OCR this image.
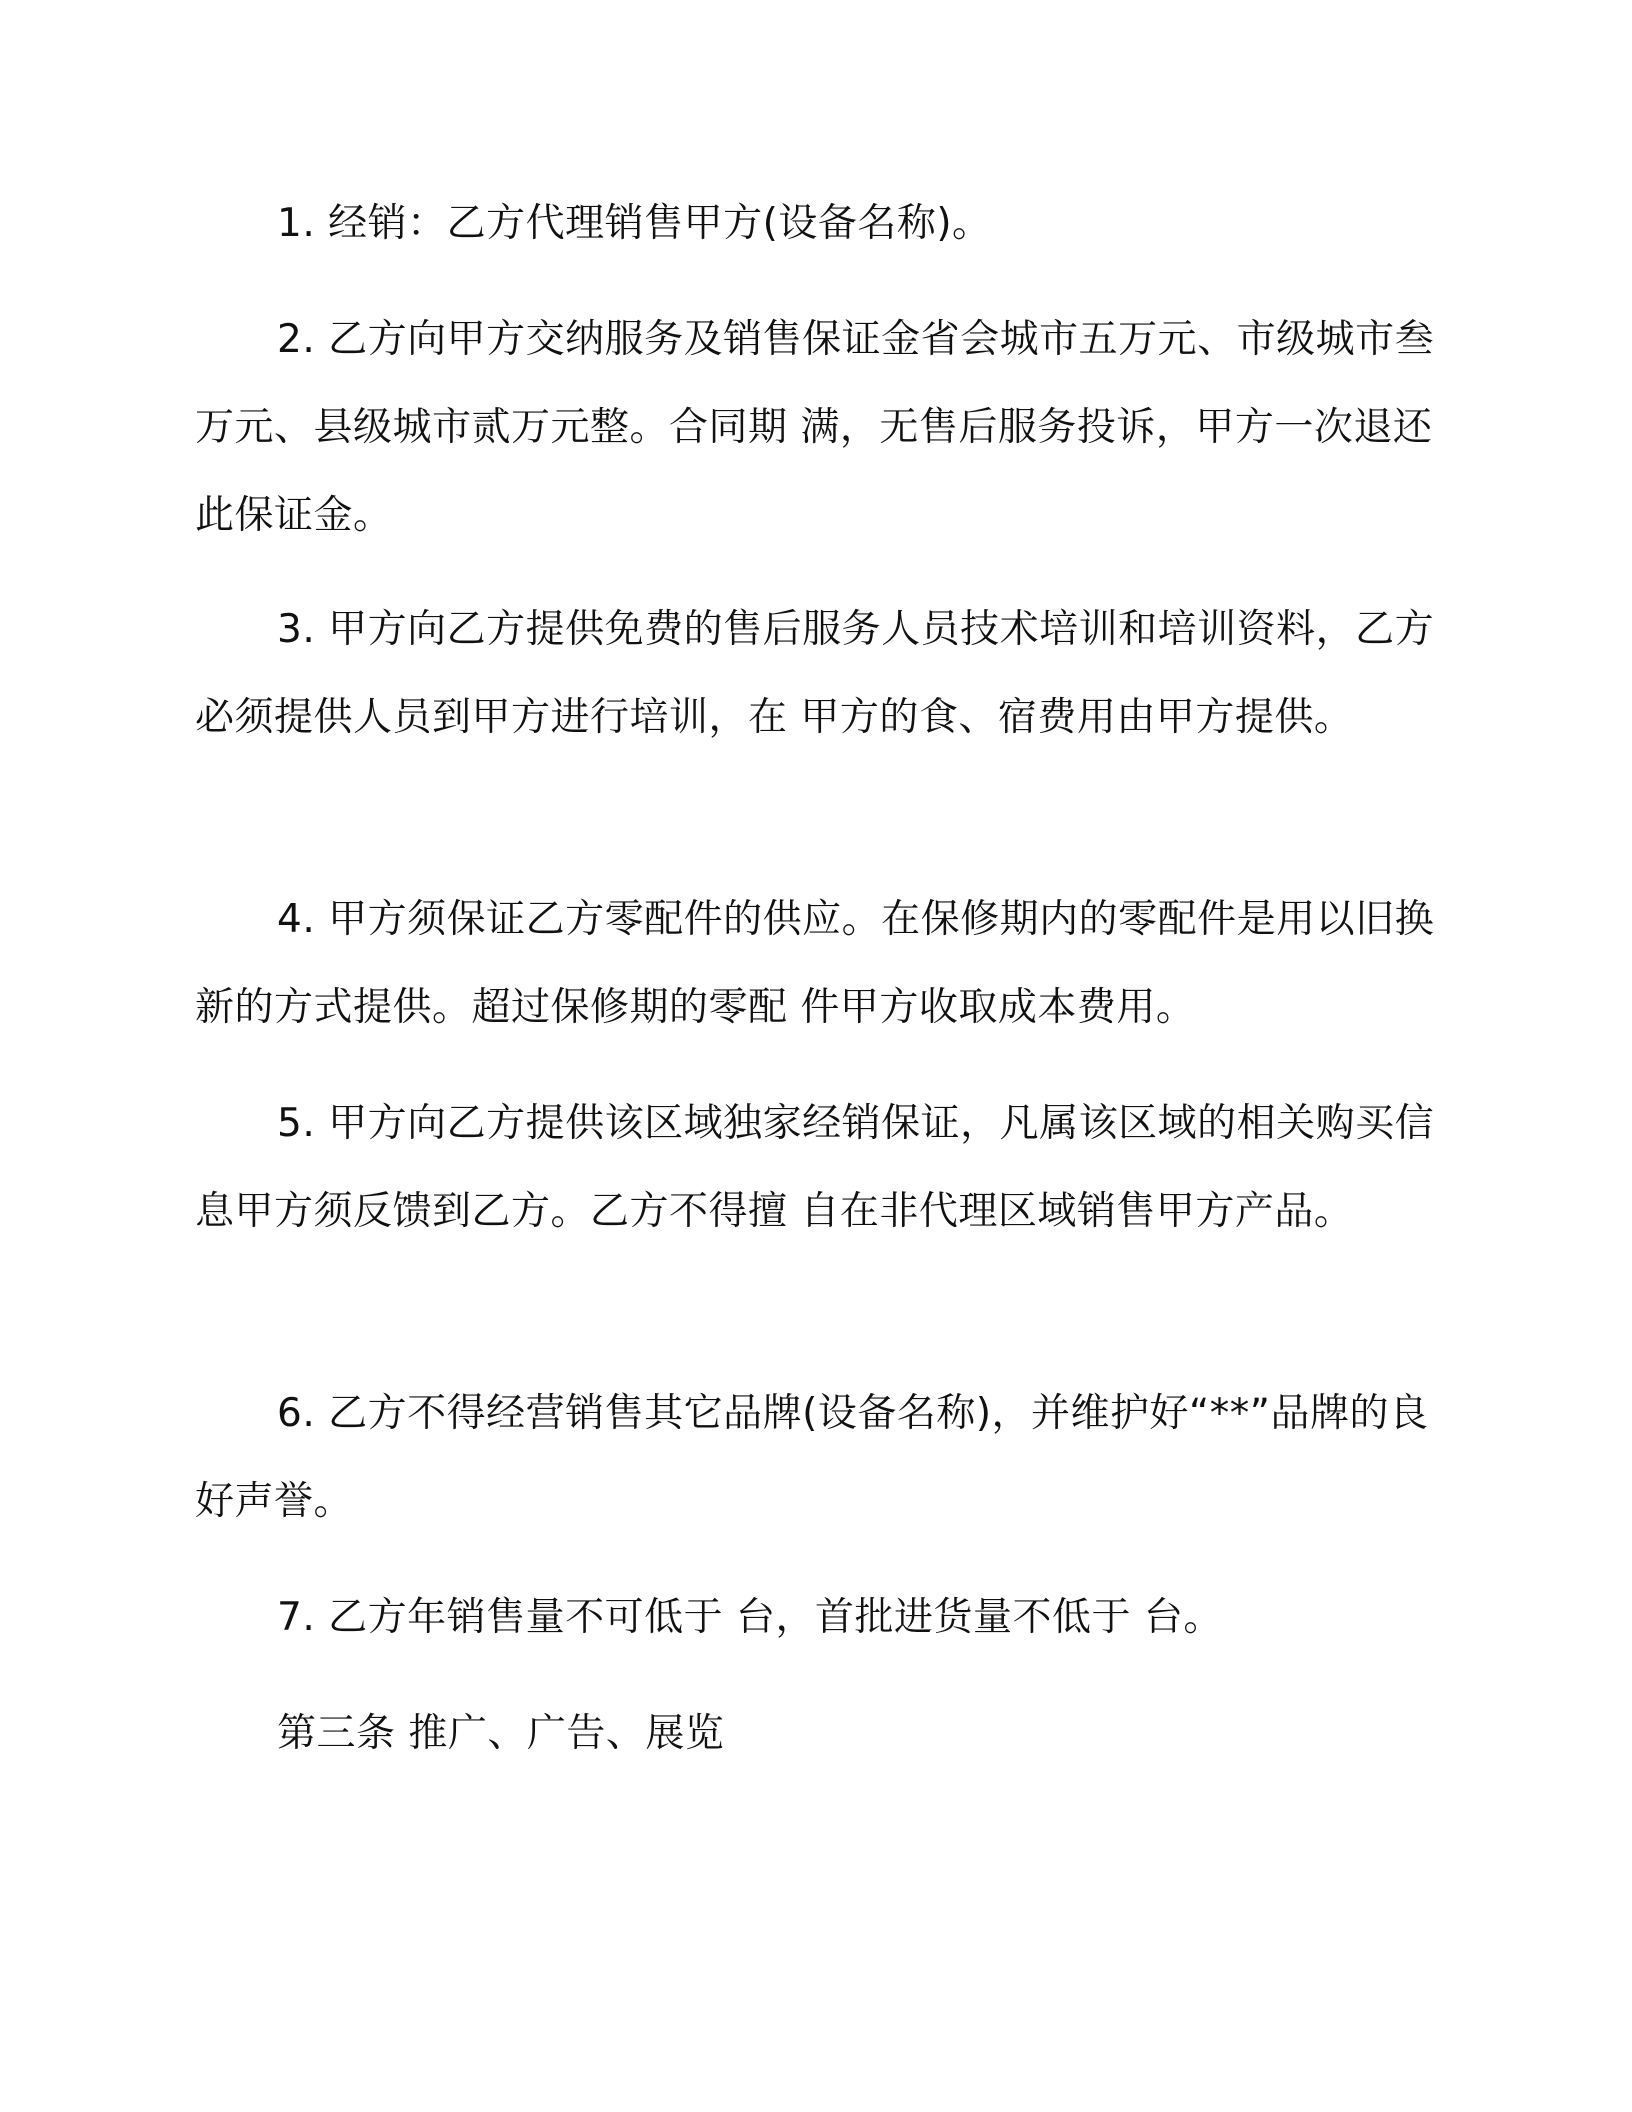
1. 经销：乙方代理销售甲方(设备名称)。

2. 乙方向甲方交纳服务及销售保证金省会城市五万元、市级城市叁万元、县级城市贰万元整。合同期 满，无售后服务投诉，甲方一次退还此保证金。

3. 甲方向乙方提供免费的售后服务人员技术培训和培训资料，乙方必须提供人员到甲方进行培训，在 甲方的食、宿费用由甲方提供。

4. 甲方须保证乙方零配件的供应。在保修期内的零配件是用以旧换新的方式提供。超过保修期的零配 件甲方收取成本费用。

5. 甲方向乙方提供该区域独家经销保证，凡属该区域的相关购买信息甲方须反馈到乙方。乙方不得擅 自在非代理区域销售甲方产品。

6. 乙方不得经营销售其它品牌(设备名称)，并维护好“**”品牌的良好声誉。

7. 乙方年销售量不可低于 台，首批进货量不低于 台。

第三条 推广、广告、展览
